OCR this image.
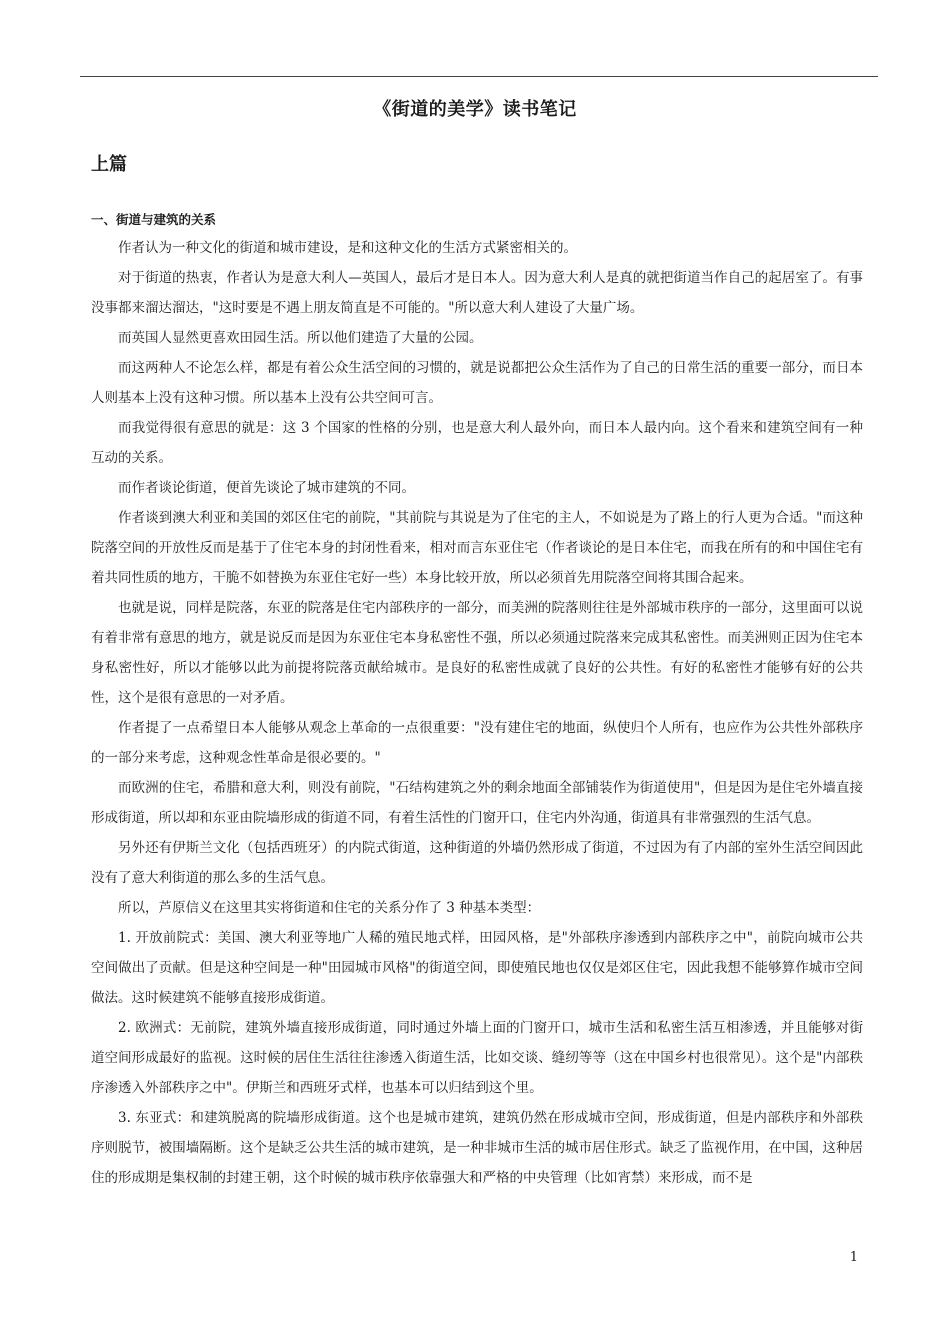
《街道的美学》读书笔记
上篇
一、街道与建筑的关系

作者认为一种文化的街道和城市建设，是和这种文化的生活方式紧密相关的。

对于街道的热衷，作者认为是意大利人—英国人，最后才是日本人。因为意大利人是真的就把街道当作自己的起居室了。有事没事都来溜达溜达，"这时要是不遇上朋友简直是不可能的。"所以意大利人建设了大量广场。

而英国人显然更喜欢田园生活。所以他们建造了大量的公园。

而这两种人不论怎么样，都是有着公众生活空间的习惯的，就是说都把公众生活作为了自己的日常生活的重要一部分，而日本人则基本上没有这种习惯。所以基本上没有公共空间可言。

而我觉得很有意思的就是：这 3 个国家的性格的分别，也是意大利人最外向，而日本人最内向。这个看来和建筑空间有一种互动的关系。

而作者谈论街道，便首先谈论了城市建筑的不同。

作者谈到澳大利亚和美国的郊区住宅的前院，"其前院与其说是为了住宅的主人，不如说是为了路上的行人更为合适。"而这种院落空间的开放性反而是基于了住宅本身的封闭性看来，相对而言东亚住宅（作者谈论的是日本住宅，而我在所有的和中国住宅有着共同性质的地方，干脆不如替换为东亚住宅好一些）本身比较开放，所以必须首先用院落空间将其围合起来。

也就是说，同样是院落，东亚的院落是住宅内部秩序的一部分，而美洲的院落则往往是外部城市秩序的一部分，这里面可以说有着非常有意思的地方，就是说反而是因为东亚住宅本身私密性不强，所以必须通过院落来完成其私密性。而美洲则正因为住宅本身私密性好，所以才能够以此为前提将院落贡献给城市。是良好的私密性成就了良好的公共性。有好的私密性才能够有好的公共性，这个是很有意思的一对矛盾。

作者提了一点希望日本人能够从观念上革命的一点很重要："没有建住宅的地面，纵使归个人所有，也应作为公共性外部秩序的一部分来考虑，这种观念性革命是很必要的。"

而欧洲的住宅，希腊和意大利，则没有前院，"石结构建筑之外的剩余地面全部铺装作为街道使用"，但是因为是住宅外墙直接形成街道，所以却和东亚由院墙形成的街道不同，有着生活性的门窗开口，住宅内外沟通，街道具有非常强烈的生活气息。

另外还有伊斯兰文化（包括西班牙）的内院式街道，这种街道的外墙仍然形成了街道，不过因为有了内部的室外生活空间因此没有了意大利街道的那么多的生活气息。

所以，芦原信义在这里其实将街道和住宅的关系分作了 3 种基本类型：

1. 开放前院式：美国、澳大利亚等地广人稀的殖民地式样，田园风格，是"外部秩序渗透到内部秩序之中"，前院向城市公共空间做出了贡献。但是这种空间是一种"田园城市风格"的街道空间，即使殖民地也仅仅是郊区住宅，因此我想不能够算作城市空间做法。这时候建筑不能够直接形成街道。

2. 欧洲式：无前院，建筑外墙直接形成街道，同时通过外墙上面的门窗开口，城市生活和私密生活互相渗透，并且能够对街道空间形成最好的监视。这时候的居住生活往往渗透入街道生活，比如交谈、缝纫等等（这在中国乡村也很常见）。这个是"内部秩序渗透入外部秩序之中"。伊斯兰和西班牙式样，也基本可以归结到这个里。

3. 东亚式：和建筑脱离的院墙形成街道。这个也是城市建筑，建筑仍然在形成城市空间，形成街道，但是内部秩序和外部秩序则脱节，被围墙隔断。这个是缺乏公共生活的城市建筑，是一种非城市生活的城市居住形式。缺乏了监视作用，在中国，这种居住的形成期是集权制的封建王朝，这个时候的城市秩序依靠强大和严格的中央管理（比如宵禁）来形成，而不是

1
